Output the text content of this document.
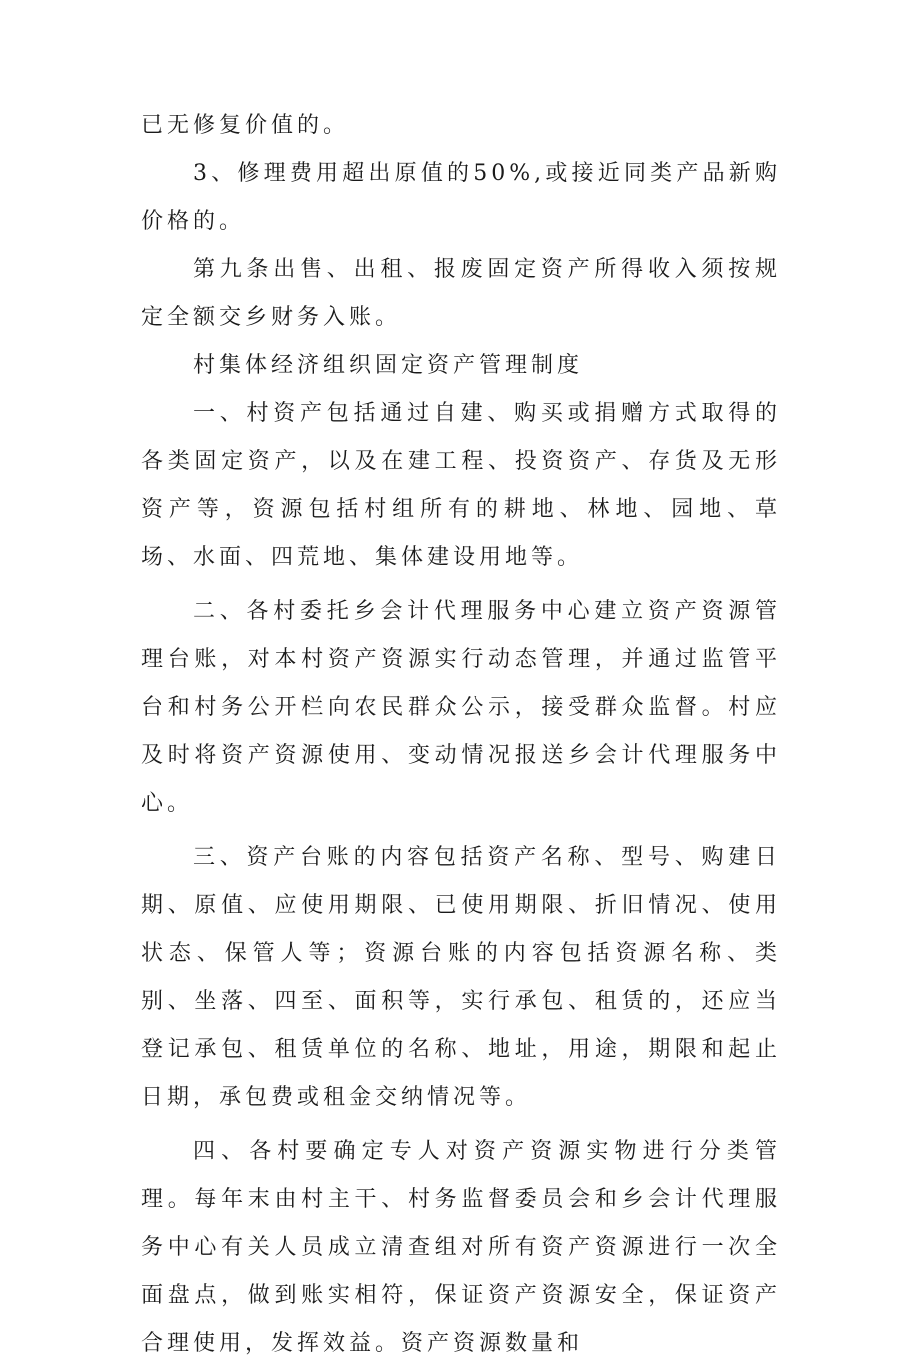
已无修复价值的。

3、修理费用超出原值的50%,或接近同类产品新购价格的。

第九条出售、出租、报废固定资产所得收入须按规定全额交乡财务入账。

村集体经济组织固定资产管理制度

一、村资产包括通过自建、购买或捐赠方式取得的各类固定资产，以及在建工程、投资资产、存货及无形资产等，资源包括村组所有的耕地、林地、园地、草场、水面、四荒地、集体建设用地等。

二、各村委托乡会计代理服务中心建立资产资源管理台账，对本村资产资源实行动态管理，并通过监管平台和村务公开栏向农民群众公示，接受群众监督。村应及时将资产资源使用、变动情况报送乡会计代理服务中心。

三、资产台账的内容包括资产名称、型号、购建日期、原值、应使用期限、已使用期限、折旧情况、使用状态、保管人等；资源台账的内容包括资源名称、类别、坐落、四至、面积等，实行承包、租赁的，还应当登记承包、租赁单位的名称、地址，用途，期限和起止日期，承包费或租金交纳情况等。

四、各村要确定专人对资产资源实物进行分类管理。每年末由村主干、村务监督委员会和乡会计代理服务中心有关人员成立清查组对所有资产资源进行一次全面盘点，做到账实相符，保证资产资源安全，保证资产合理使用，发挥效益。资产资源数量和
